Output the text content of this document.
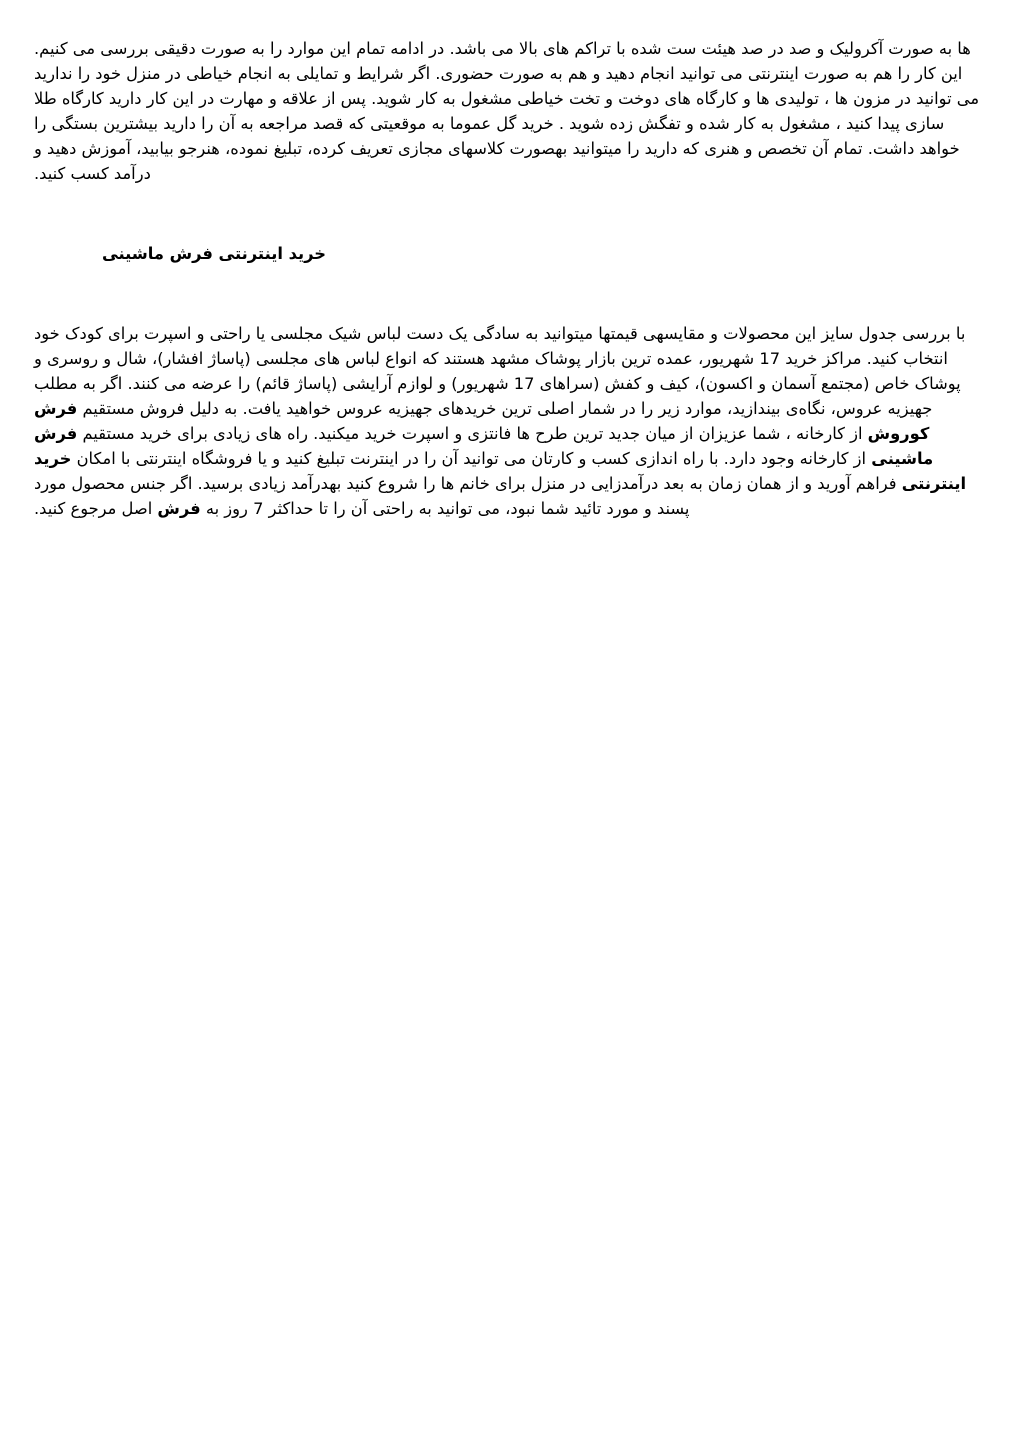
ها به صورت آکرولیک و صد در صد هیئت ست شده با تراکم های بالا می باشد. در ادامه تمام این موارد را به صورت دقیقی بررسی می کنیم. این کار را هم به صورت اینترنتی می توانید انجام دهید و هم به صورت حضوری. اگر شرایط و تمایلی به انجام خیاطی در منزل خود را ندارید می توانید در مزون ها ، تولیدی ها و کارگاه های دوخت و تخت خیاطی مشغول به کار شوید. پس از علاقه و مهارت در این کار دارید کارگاه طلا سازی پیدا کنید ، مشغول به کار شده و تفگش زده شوید . خرید گل عموما به موقعیتی که قصد مراجعه به آن را دارید بیشترین بستگی را خواهد داشت. تمام آن تخصص و هنری که دارید را میتوانید بهصورت کلاسهای مجازی تعریف کرده، تبلیغ نموده، هنرجو بیابید، آموزش دهید و درآمد کسب کنید.

خرید اینترنتی فرش ماشینی

با بررسی جدول سایز این محصولات و مقایسهی قیمتها میتوانید به سادگی یک دست لباس شیک مجلسی یا راحتی و اسپرت برای کودک خود انتخاب کنید. مراکز خرید 17 شهریور، عمده ترین بازار پوشاک مشهد هستند که انواع لباس های مجلسی (پاساژ افشار)، شال و روسری و پوشاک خاص (مجتمع آسمان و اکسون)، کیف و کفش (سراهای 17 شهریور) و لوازم آرایشی (پاساژ قائم) را عرضه می کنند. اگر به مطلب جهیزیه عروس، نگاه‌ی بیندازید، موارد زیر را در شمار اصلی ترین خریدهای جهیزیه عروس خواهید یافت. به دلیل فروش مستقیم فرش کوروش از کارخانه ، شما عزیزان از میان جدید ترین طرح ها فانتزی و اسپرت خرید میکنید. راه های زیادی برای خرید مستقیم فرش ماشینی از کارخانه وجود دارد. با راه اندازی کسب و کارتان می توانید آن را در اینترنت تبلیغ کنید و یا فروشگاه اینترنتی با امکان خرید اینترنتی فراهم آورید و از همان زمان به بعد درآمدزایی در منزل برای خانم ها را شروع کنید بهدرآمد زیادی برسید. اگر جنس محصول مورد پسند و مورد تائید شما نبود، می توانید به راحتی آن را تا حداکثر 7 روز به فرش اصل مرجوع کنید.
